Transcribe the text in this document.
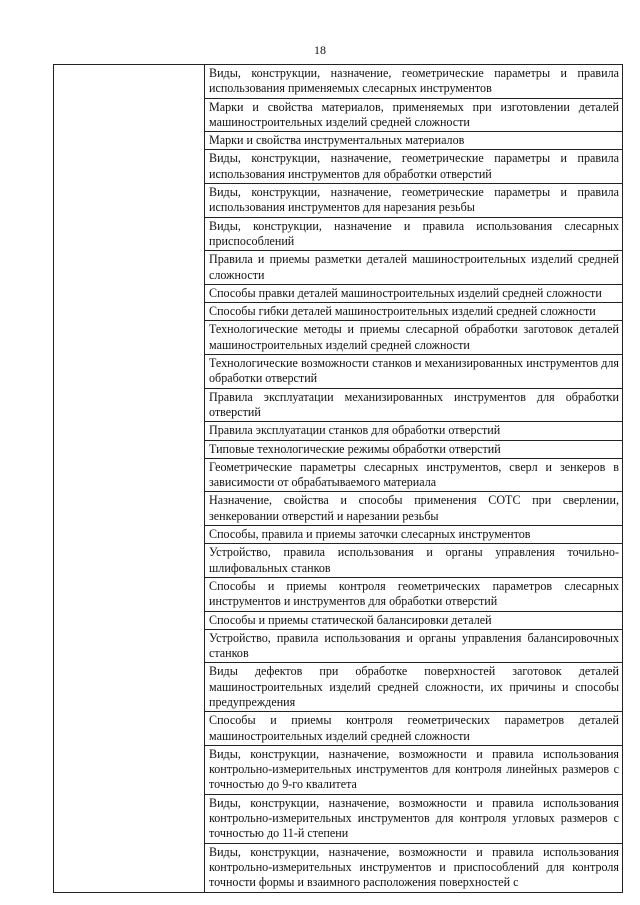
18
	Виды, конструкции, назначение, геометрические параметры и правила использования применяемых слесарных инструментов
Марки и свойства материалов, применяемых при изготовлении деталей машиностроительных изделий средней сложности
Марки и свойства инструментальных материалов
Виды, конструкции, назначение, геометрические параметры и правила использования инструментов для обработки отверстий
Виды, конструкции, назначение, геометрические параметры и правила использования инструментов для нарезания резьбы
Виды, конструкции, назначение и правила использования слесарных приспособлений
Правила и приемы разметки деталей машиностроительных изделий средней сложности
Способы правки деталей машиностроительных изделий средней сложности
Способы гибки деталей машиностроительных изделий средней сложности
Технологические методы и приемы слесарной обработки заготовок деталей машиностроительных изделий средней сложности
Технологические возможности станков и механизированных инструментов для обработки отверстий
Правила эксплуатации механизированных инструментов для обработки отверстий
Правила эксплуатации станков для обработки отверстий
Типовые технологические режимы обработки отверстий
Геометрические параметры слесарных инструментов, сверл и зенкеров в зависимости от обрабатываемого материала
Назначение, свойства и способы применения СОТС при сверлении, зенкеровании отверстий и нарезании резьбы
Способы, правила и приемы заточки слесарных инструментов
Устройство, правила использования и органы управления точильно-шлифовальных станков
Способы и приемы контроля геометрических параметров слесарных инструментов и инструментов для обработки отверстий
Способы и приемы статической балансировки деталей
Устройство, правила использования и органы управления балансировочных станков
Виды дефектов при обработке поверхностей заготовок деталей машиностроительных изделий средней сложности, их причины и способы предупреждения
Способы и приемы контроля геометрических параметров деталей машиностроительных изделий средней сложности
Виды, конструкции, назначение, возможности и правила использования контрольно-измерительных инструментов для контроля линейных размеров с точностью до 9-го квалитета
Виды, конструкции, назначение, возможности и правила использования контрольно-измерительных инструментов для контроля угловых размеров с точностью до 11-й степени
Виды, конструкции, назначение, возможности и правила использования контрольно-измерительных инструментов и приспособлений для контроля точности формы и взаимного расположения поверхностей с
